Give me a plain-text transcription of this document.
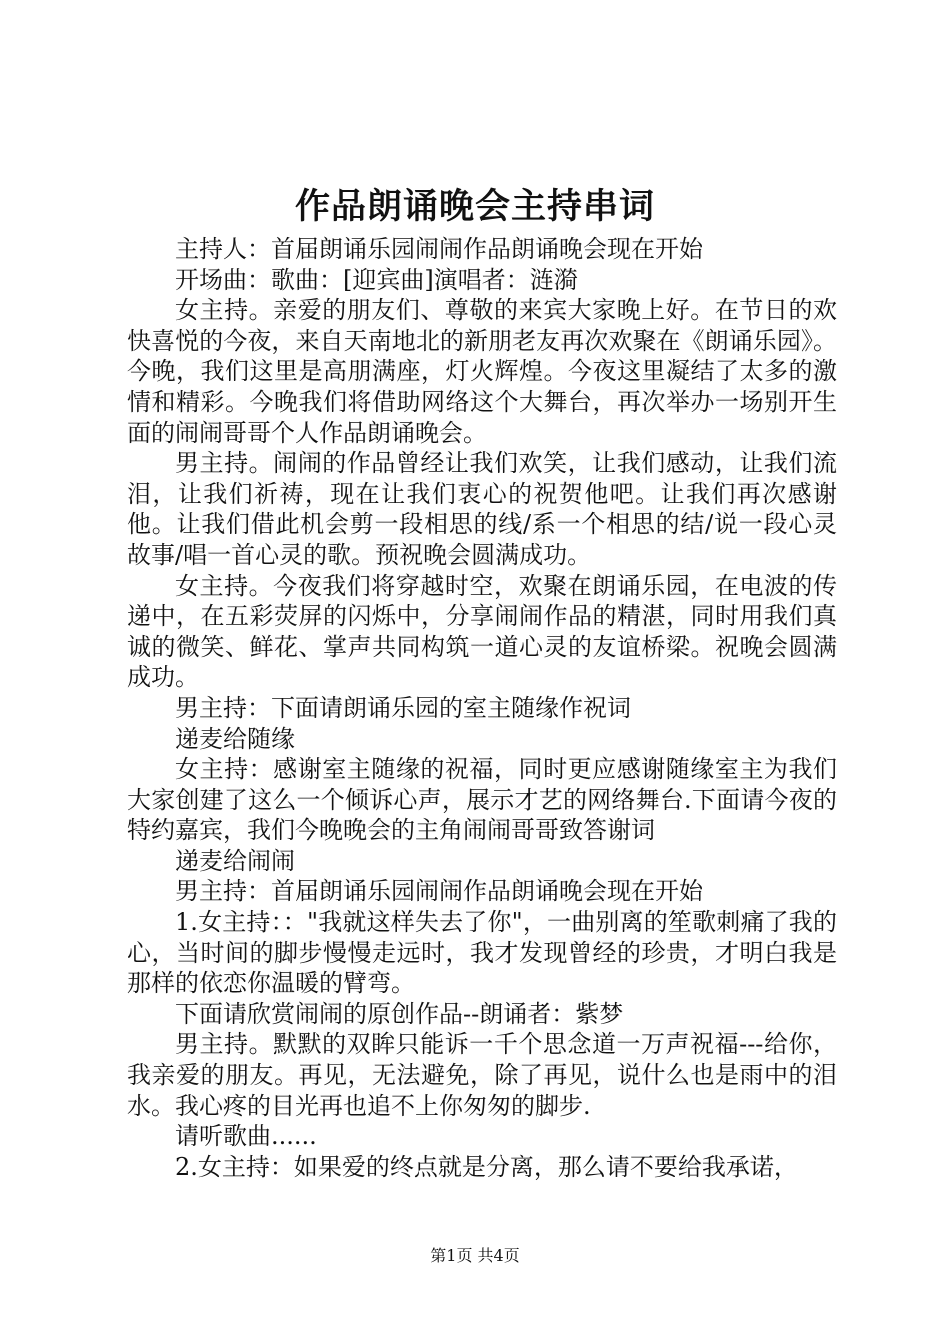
作品朗诵晚会主持串词

主持人：首届朗诵乐园闹闹作品朗诵晚会现在开始

开场曲：歌曲：[迎宾曲]演唱者：涟漪

女主持。亲爱的朋友们、尊敬的来宾大家晚上好。在节日的欢快喜悦的今夜，来自天南地北的新朋老友再次欢聚在《朗诵乐园》。今晚，我们这里是高朋满座，灯火辉煌。今夜这里凝结了太多的激情和精彩。今晚我们将借助网络这个大舞台，再次举办一场别开生面的闹闹哥哥个人作品朗诵晚会。

男主持。闹闹的作品曾经让我们欢笑，让我们感动，让我们流泪，让我们祈祷，现在让我们衷心的祝贺他吧。让我们再次感谢他。让我们借此机会剪一段相思的线/系一个相思的结/说一段心灵故事/唱一首心灵的歌。预祝晚会圆满成功。

女主持。今夜我们将穿越时空，欢聚在朗诵乐园，在电波的传递中，在五彩荧屏的闪烁中，分享闹闹作品的精湛，同时用我们真诚的微笑、鲜花、掌声共同构筑一道心灵的友谊桥梁。祝晚会圆满成功。

男主持：下面请朗诵乐园的室主随缘作祝词

递麦给随缘

女主持：感谢室主随缘的祝福，同时更应感谢随缘室主为我们大家创建了这么一个倾诉心声，展示才艺的网络舞台.下面请今夜的特约嘉宾，我们今晚晚会的主角闹闹哥哥致答谢词

递麦给闹闹

男主持：首届朗诵乐园闹闹作品朗诵晚会现在开始

1.女主持：："我就这样失去了你"，一曲别离的笙歌刺痛了我的心，当时间的脚步慢慢走远时，我才发现曾经的珍贵，才明白我是那样的依恋你温暖的臂弯。

下面请欣赏闹闹的原创作品--朗诵者：紫梦

男主持。默默的双眸只能诉一千个思念道一万声祝福---给你，我亲爱的朋友。再见，无法避免，除了再见，说什么也是雨中的泪水。我心疼的目光再也追不上你匆匆的脚步.

请听歌曲......

2.女主持：如果爱的终点就是分离，那么请不要给我承诺，

第1页 共4页
